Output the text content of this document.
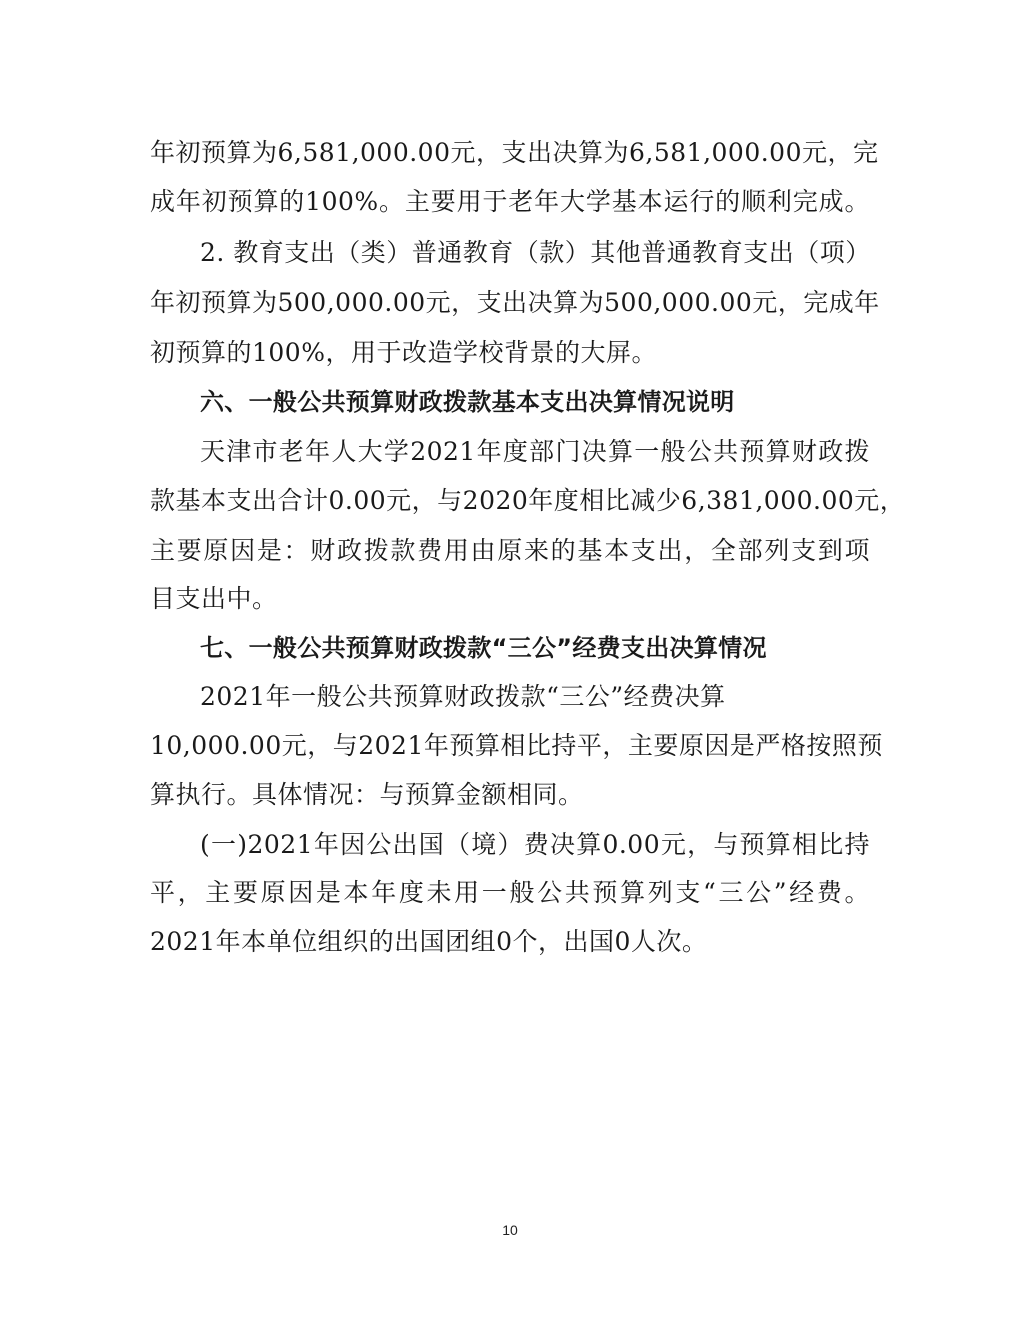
年初预算为6,581,000.00元，支出决算为6,581,000.00元，完
成年初预算的100%。主要用于老年大学基本运行的顺利完成。
2. 教育支出（类）普通教育（款）其他普通教育支出（项）
年初预算为500,000.00元，支出决算为500,000.00元，完成年
初预算的100%，用于改造学校背景的大屏。
六、一般公共预算财政拨款基本支出决算情况说明
天津市老年人大学2021年度部门决算一般公共预算财政拨
款基本支出合计0.00元，与2020年度相比减少6,381,000.00元，
主要原因是：财政拨款费用由原来的基本支出，全部列支到项
目支出中。
七、一般公共预算财政拨款“三公”经费支出决算情况
2021年一般公共预算财政拨款“三公”经费决算
10,000.00元，与2021年预算相比持平，主要原因是严格按照预
算执行。具体情况：与预算金额相同。
(一)2021年因公出国（境）费决算0.00元，与预算相比持
平，主要原因是本年度未用一般公共预算列支“三公”经费。
2021年本单位组织的出国团组0个，出国0人次。
10
